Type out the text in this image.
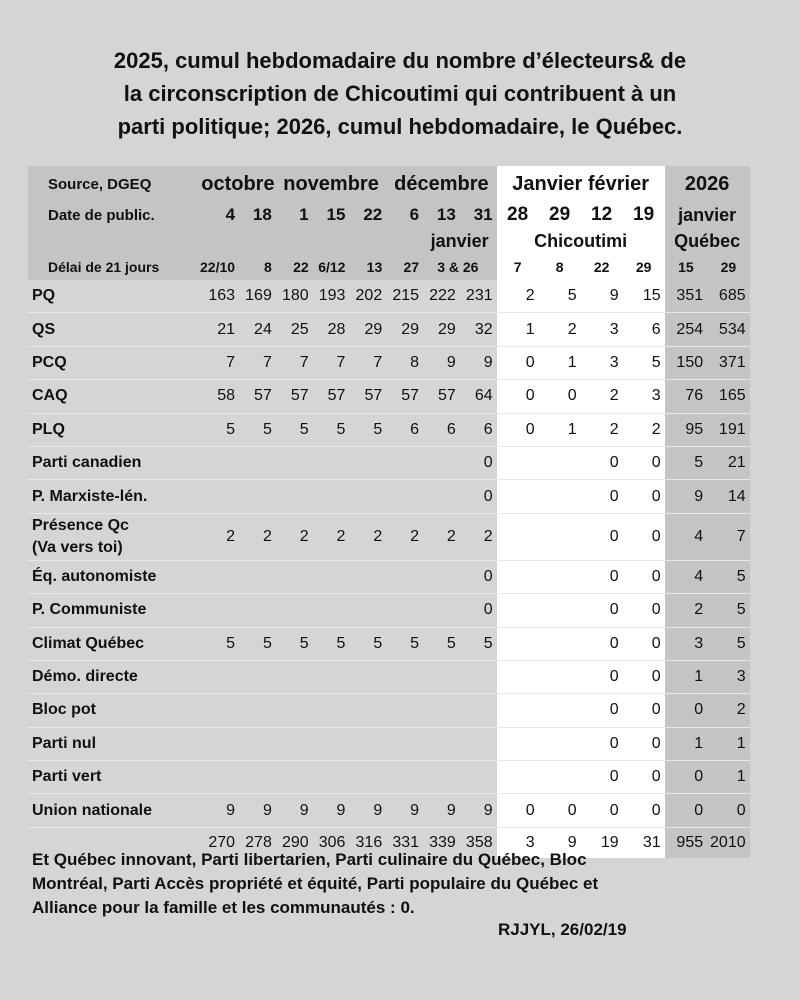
2025, cumul hebdomadaire du nombre d’électeurs& de
la circonscription de Chicoutimi qui contribuent à un
parti politique; 2026, cumul hebdomadaire, le Québec.
Source, DGEQ	octobre		novembre			décembre			Janvier février				2026	
Date de public.	4	18	1	15	22	6	13	31	28	29	12	19	janvier	
						janvier			Chicoutimi				Québec	
Délai de 21 jours	22/10	8	22	6/12	13	27	3 & 26		7	8	22	29	15	29
PQ	163	169	180	193	202	215	222	231	2	5	9	15	351	685
QS	21	24	25	28	29	29	29	32	1	2	3	6	254	534
PCQ	7	7	7	7	7	8	9	9	0	1	3	5	150	371
CAQ	58	57	57	57	57	57	57	64	0	0	2	3	76	165
PLQ	5	5	5	5	5	6	6	6	0	1	2	2	95	191
Parti canadien								0			0	0	5	21
P. Marxiste-lén.								0			0	0	9	14
Présence Qc
(Va vers toi)	2	2	2	2	2	2	2	2			0	0	4	7
Éq. autonomiste								0			0	0	4	5
P. Communiste								0			0	0	2	5
Climat Québec	5	5	5	5	5	5	5	5			0	0	3	5
Démo. directe											0	0	1	3
Bloc pot											0	0	0	2
Parti nul											0	0	1	1
Parti vert											0	0	0	1
Union nationale	9	9	9	9	9	9	9	9	0	0	0	0	0	0
	270	278	290	306	316	331	339	358	3	9	19	31	955	2010
Et Québec innovant, Parti libertarien, Parti culinaire du Québec, Bloc
Montréal, Parti Accès propriété et équité, Parti populaire du Québec et
Alliance pour la famille et les communautés : 0.
RJJYL, 26/02/19
